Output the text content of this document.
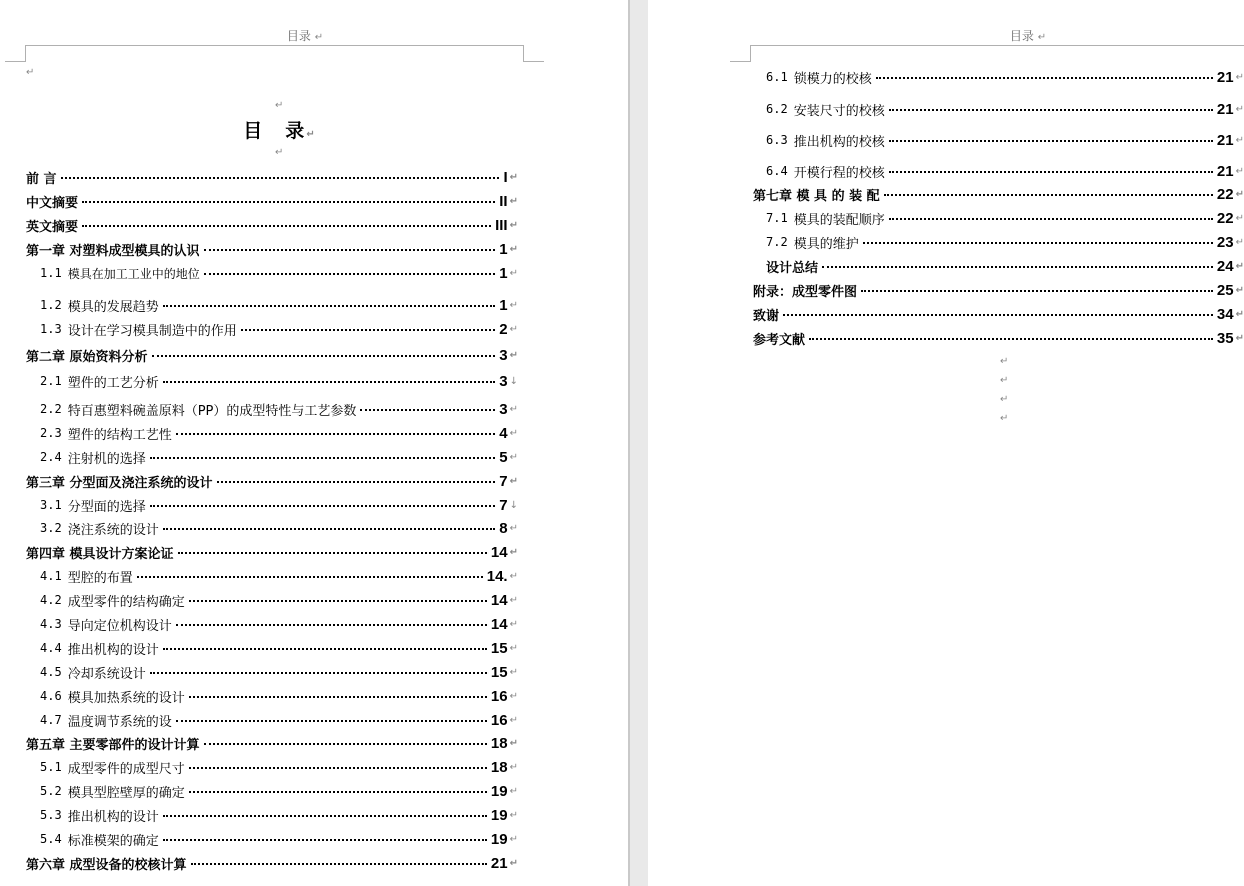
目录 ↵
↵
↵
目　录↵
↵
前 言	I ↵
中文摘要	II ↵
英文摘要	III ↵
第一章 对塑料成型模具的认识	1 ↵
1.1 模具在加工工业中的地位	1 ↵
1.2 模具的发展趋势	1 ↵
1.3 设计在学习模具制造中的作用	2 ↵
第二章 原始资料分析	3 ↵
2.1 塑件的工艺分析	3 ↓
2.2 特百惠塑料碗盖原料（PP）的成型特性与工艺参数	3 ↵
2.3 塑件的结构工艺性	4 ↵
2.4 注射机的选择	5 ↵
第三章 分型面及浇注系统的设计	7 ↵
3.1 分型面的选择	7 ↓
3.2 浇注系统的设计	8 ↵
第四章 模具设计方案论证	14 ↵
4.1 型腔的布置	14. ↵
4.2 成型零件的结构确定	14 ↵
4.3 导向定位机构设计	14 ↵
4.4 推出机构的设计	15 ↵
4.5 冷却系统设计	15 ↵
4.6 模具加热系统的设计	16 ↵
4.7 温度调节系统的设	16 ↵
第五章 主要零部件的设计计算	18 ↵
5.1 成型零件的成型尺寸	18 ↵
5.2 模具型腔壁厚的确定	19 ↵
5.3 推出机构的设计	19 ↵
5.4 标准模架的确定	19 ↵
第六章 成型设备的校核计算	21 ↵
目录 ↵
6.1 锁模力的校核	21 ↵
6.2 安装尺寸的校核	21 ↵
6.3 推出机构的校核	21 ↵
6.4 开模行程的校核	21 ↵
第七章 模 具 的 装 配	22 ↵
7.1 模具的装配顺序	22 ↵
7.2 模具的维护	23 ↵
设计总结	24 ↵
附录：成型零件图	25 ↵
致谢	34 ↵
参考文献	35 ↵
↵
↵
↵
↵
